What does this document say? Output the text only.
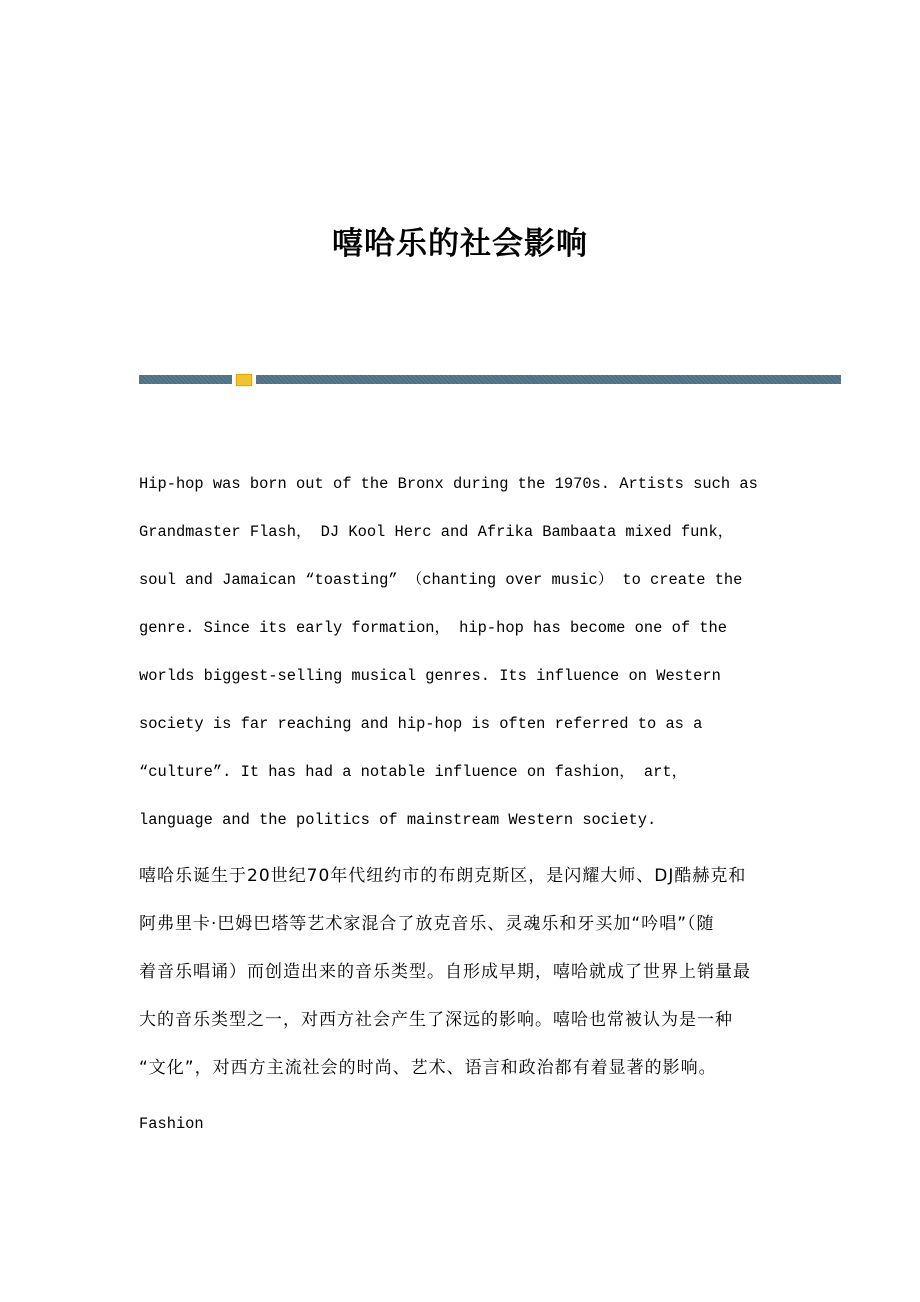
嘻哈乐的社会影响
Hip-hop was born out of the Bronx during the 1970s. Artists such as
Grandmaster Flash， DJ Kool Herc and Afrika Bambaata mixed funk，
soul and Jamaican “toasting” （chanting over music） to create the
genre. Since its early formation， hip-hop has become one of the
worlds biggest-selling musical genres. Its influence on Western
society is far reaching and hip-hop is often referred to as a
“culture”. It has had a notable influence on fashion， art，
language and the politics of mainstream Western society.
嘻哈乐诞生于20世纪70年代纽约市的布朗克斯区，是闪耀大师、DJ酷赫克和
阿弗里卡·巴姆巴塔等艺术家混合了放克音乐、灵魂乐和牙买加“吟唱”（随
着音乐唱诵）而创造出来的音乐类型。自形成早期，嘻哈就成了世界上销量最
大的音乐类型之一，对西方社会产生了深远的影响。嘻哈也常被认为是一种
“文化”，对西方主流社会的时尚、艺术、语言和政治都有着显著的影响。
Fashion
